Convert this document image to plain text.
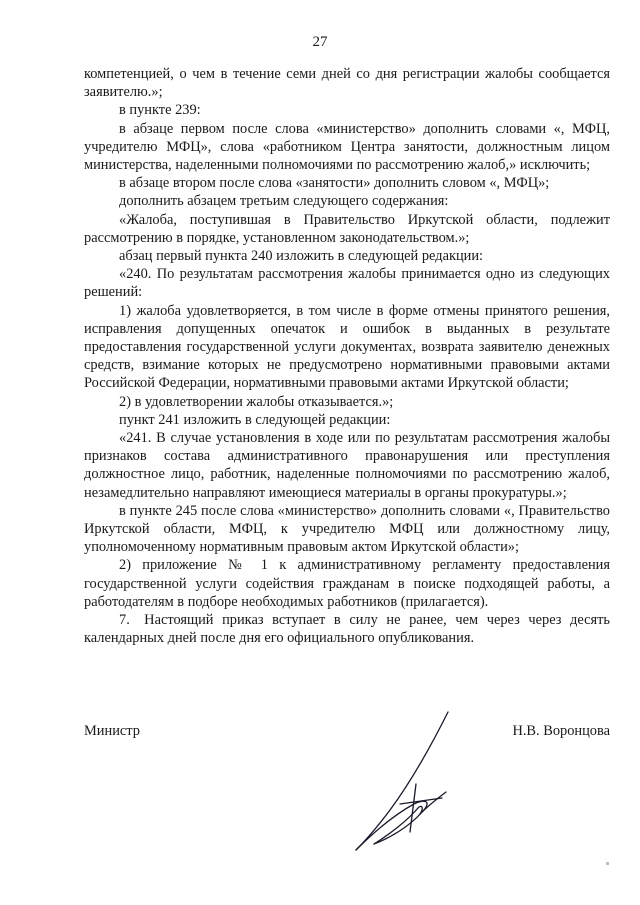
27

компетенцией, о чем в течение семи дней со дня регистрации жалобы сообщается заявителю.»;

в пункте 239:

в абзаце первом после слова «министерство» дополнить словами «, МФЦ, учредителю МФЦ», слова «работником Центра занятости, должностным лицом министерства, наделенными полномочиями по рассмотрению жалоб,» исключить;

в абзаце втором после слова «занятости» дополнить словом «, МФЦ»;

дополнить абзацем третьим следующего содержания:

«Жалоба, поступившая в Правительство Иркутской области, подлежит рассмотрению в порядке, установленном законодательством.»;

абзац первый пункта 240 изложить в следующей редакции:

«240. По результатам рассмотрения жалобы принимается одно из следующих решений:

1) жалоба удовлетворяется, в том числе в форме отмены принятого решения, исправления допущенных опечаток и ошибок в выданных в результате предоставления государственной услуги документах, возврата заявителю денежных средств, взимание которых не предусмотрено нормативными правовыми актами Российской Федерации, нормативными правовыми актами Иркутской области;

2) в удовлетворении жалобы отказывается.»;

пункт 241 изложить в следующей редакции:

«241. В случае установления в ходе или по результатам рассмотрения жалобы признаков состава административного правонарушения или преступления должностное лицо, работник, наделенные полномочиями по рассмотрению жалоб, незамедлительно направляют имеющиеся материалы в органы прокуратуры.»;

в пункте 245 после слова «министерство» дополнить словами «, Правительство Иркутской области, МФЦ, к учредителю МФЦ или должностному лицу, уполномоченному нормативным правовым актом Иркутской области»;

2) приложение № 1 к административному регламенту предоставления государственной услуги содействия гражданам в поиске подходящей работы, а работодателям в подборе необходимых работников (прилагается).

7. Настоящий приказ вступает в силу не ранее, чем через через десять календарных дней после дня его официального опубликования.

Министр	Н.В. Воронцова
